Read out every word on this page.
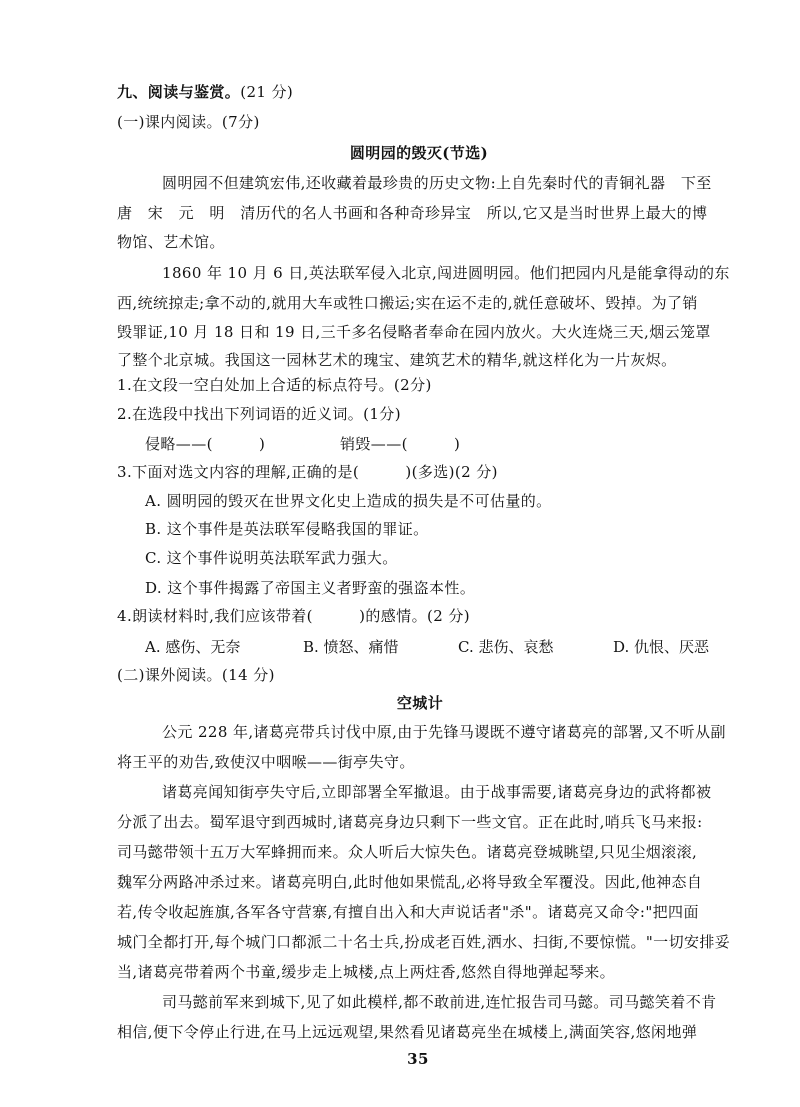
九、阅读与鉴赏。(21 分)
(一)课内阅读。(7分)
圆明园的毁灭(节选)
圆明园不但建筑宏伟,还收藏着最珍贵的历史文物:上自先秦时代的青铜礼器　下至
唐　宋　元　明　清历代的名人书画和各种奇珍异宝　所以,它又是当时世界上最大的博
物馆、艺术馆。
1860 年 10 月 6 日,英法联军侵入北京,闯进圆明园。他们把园内凡是能拿得动的东
西,统统掠走;拿不动的,就用大车或牲口搬运;实在运不走的,就任意破坏、毁掉。为了销
毁罪证,10 月 18 日和 19 日,三千多名侵略者奉命在园内放火。大火连烧三天,烟云笼罩
了整个北京城。我国这一园林艺术的瑰宝、建筑艺术的精华,就这样化为一片灰烬。
1.在文段一空白处加上合适的标点符号。(2分)
2.在选段中找出下列词语的近义词。(1分)
侵略——(　　　)	销毁——(　　　)
3.下面对选文内容的理解,正确的是(　　　)(多选)(2 分)
A. 圆明园的毁灭在世界文化史上造成的损失是不可估量的。
B. 这个事件是英法联军侵略我国的罪证。
C. 这个事件说明英法联军武力强大。
D. 这个事件揭露了帝国主义者野蛮的强盗本性。
4.朗读材料时,我们应该带着(　　　)的感情。(2 分)
A. 感伤、无奈	B. 愤怒、痛惜	C. 悲伤、哀愁	D. 仇恨、厌恶
(二)课外阅读。(14 分)
空城计
公元 228 年,诸葛亮带兵讨伐中原,由于先锋马谡既不遵守诸葛亮的部署,又不听从副
将王平的劝告,致使汉中咽喉——街亭失守。
诸葛亮闻知街亭失守后,立即部署全军撤退。由于战事需要,诸葛亮身边的武将都被
分派了出去。蜀军退守到西城时,诸葛亮身边只剩下一些文官。正在此时,哨兵飞马来报:
司马懿带领十五万大军蜂拥而来。众人听后大惊失色。诸葛亮登城眺望,只见尘烟滚滚,
魏军分两路冲杀过来。诸葛亮明白,此时他如果慌乱,必将导致全军覆没。因此,他神态自
若,传令收起旌旗,各军各守营寨,有擅自出入和大声说话者"杀"。诸葛亮又命令:"把四面
城门全都打开,每个城门口都派二十名士兵,扮成老百姓,洒水、扫街,不要惊慌。"一切安排妥
当,诸葛亮带着两个书童,缓步走上城楼,点上两炷香,悠然自得地弹起琴来。
司马懿前军来到城下,见了如此模样,都不敢前进,连忙报告司马懿。司马懿笑着不肯
相信,便下令停止行进,在马上远远观望,果然看见诸葛亮坐在城楼上,满面笑容,悠闲地弹
35
